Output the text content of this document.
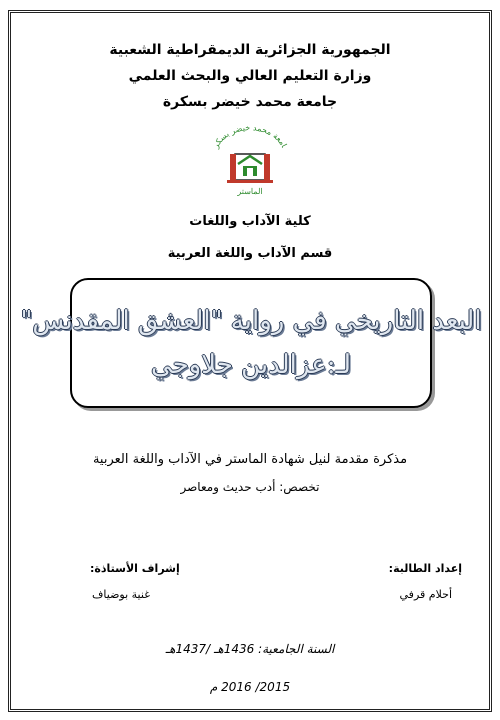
الجمهورية الجزائرية الديمقراطية الشعبية
وزارة التعليم العالي والبحث العلمي
جامعة محمد خيضر بسكرة
امعة محمد خيضر بسكر
الماستر
كلية الآداب واللغات
قسم الآداب واللغة العربية
البعد التاريخي في رواية "العشق المقدنس"
لـ:عزالدين جلاوجي
مذكرة مقدمة لنيل شهادة الماستر في الآداب واللغة العربية
تخصص: أدب حديث ومعاصر
إعداد الطالبة:
أحلام قرفي
إشراف الأستاذة:
غنية بوضياف
السنة الجامعية: 1436هـ /1437هـ
2015/ 2016 م
